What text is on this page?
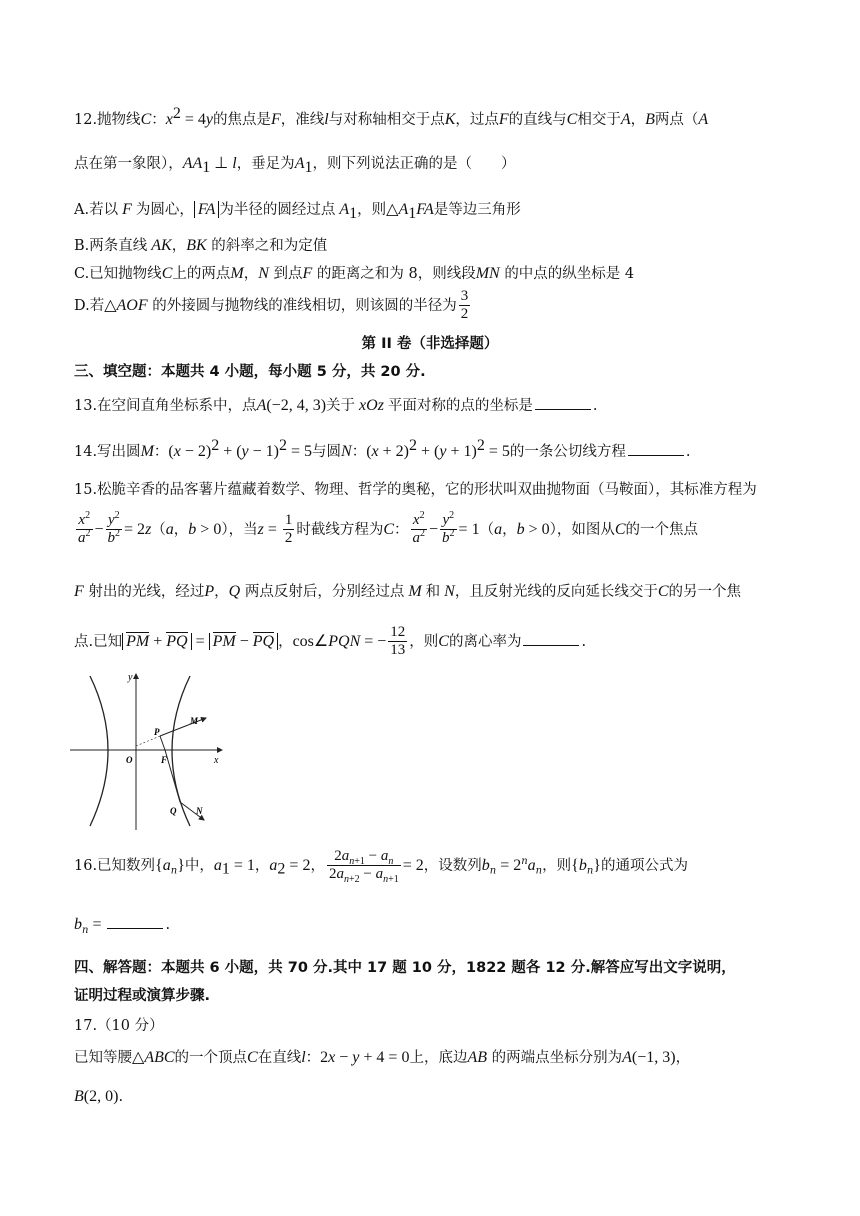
12.抛物线C：$x^2 = 4y$的焦点是F，准线l与对称轴相交于点K，过点F的直线与C相交于A，B两点（A
点在第一象限），$AA_1$ ⊥ l，垂足为$A_1$，则下列说法正确的是（　　）
A.若以 F 为圆心， FA 为半径的圆经过点 $A_1$，则$\triangle A_1FA$是等边三角形
B.两条直线 AK，BK 的斜率之和为定值
C.已知抛物线C上的两点M，N 到点F 的距离之和为 8，则线段MN 的中点的纵坐标是 4
D.若△AOF 的外接圆与抛物线的准线相切，则该圆的半径为 $\frac{3}{2}$
第 II 卷（非选择题）
三、填空题：本题共 4 小题，每小题 5 分，共 20 分.
13.在空间直角坐标系中，点A(−2, 4, 3)关于 xOz 平面对称的点的坐标是	.
14.写出圆M：$(x - 2)^2 + (y - 1)^2 = 5$与圆N：$(x + 2)^2 + (y + 1)^2 = 5$的一条公切线方程	.
15.松脆辛香的品客薯片蕴藏着数学、物理、哲学的奥秘，它的形状叫双曲抛物面（马鞍面），其标准方程为
$\frac{x^2}{a^2} - \frac{y^2}{b^2} = 2z(a$，b > 0），当$z = \frac{1}{2}$ 时截线方程为C： $\frac{x^2}{a^2} - \frac{y^2}{b^2} = 1(a$，b > 0），如图从C的一个焦点
F 射出的光线，经过P，Q 两点反射后，分别经过点 M 和 N，且反射光线的反向延长线交于C的另一个焦
点.已知 PM + PQ = PM − PQ ，cos∠PQN = − $\frac{12}{13}$ ，则C的离心率为	.
y
x
O	F
P
M
Q N
16.已知数列$\{a_n\}$中，$a_1 = 1$，$a_2 = 2$， $\frac{2a_{n+1} - a_n}{2a_{n+2} - a_{n+1}} = 2$，设数列$b_n = 2^na_n$，则$\{b_n\}$的通项公式为
$b_n$ =	.
四、解答题：本题共 6 小题，共 70 分.其中 17 题 10 分，1822 题各 12 分.解答应写出文字说明，
证明过程或演算步骤.
17.（10 分）
已知等腰△ABC的一个顶点C在直线l：2x − y + 4 = 0上，底边AB 的两端点坐标分别为A(−1, 3)，
B(2, 0).
